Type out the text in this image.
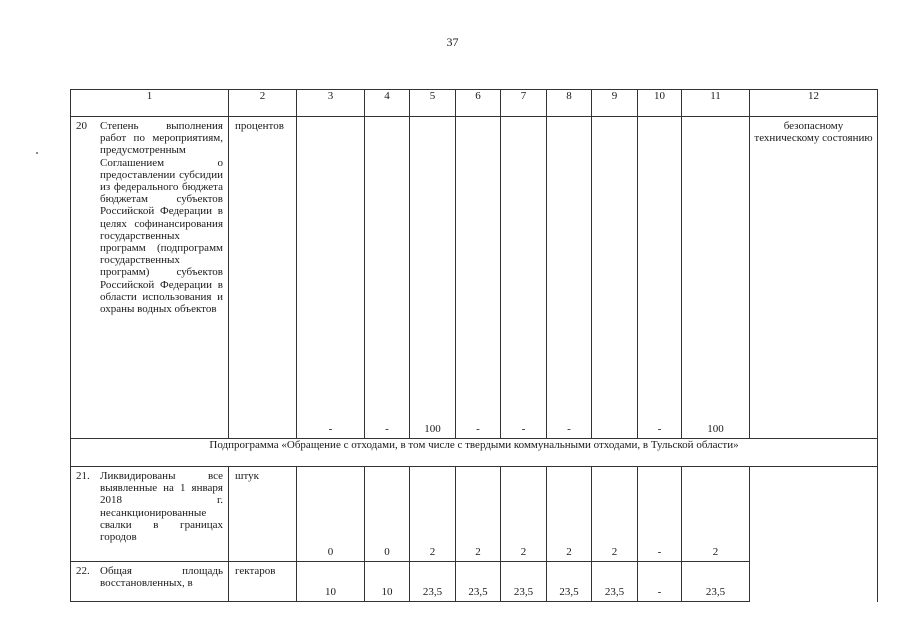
37
1	2	3	4	5	6	7	8	9	10	11	12

20 Степень выполнения работ по мероприятиям, предусмотренным Соглашением о предоставлении субсидии из федерального бюджета бюджетам субъектов Российской Федерации в целях софинансирования государственных программ (подпрограмм государственных программ) субъектов Российской Федерации в области использования и охраны водных объектов	процентов	-	-	100	-	-	-		-	100	безопасному техническому состоянию
Подпрограмма «Обращение с отходами, в том числе с твердыми коммунальными отходами, в Тульской области»											

21. Ликвидированы все выявленные на 1 января 2018 г. несанкционированные свалки в границах городов	штук	0	0	2	2	2	2	2	-	2	

22. Общая площадь восстановленных, в	гектаров	10	10	23,5	23,5	23,5	23,5	23,5	-	23,5	
